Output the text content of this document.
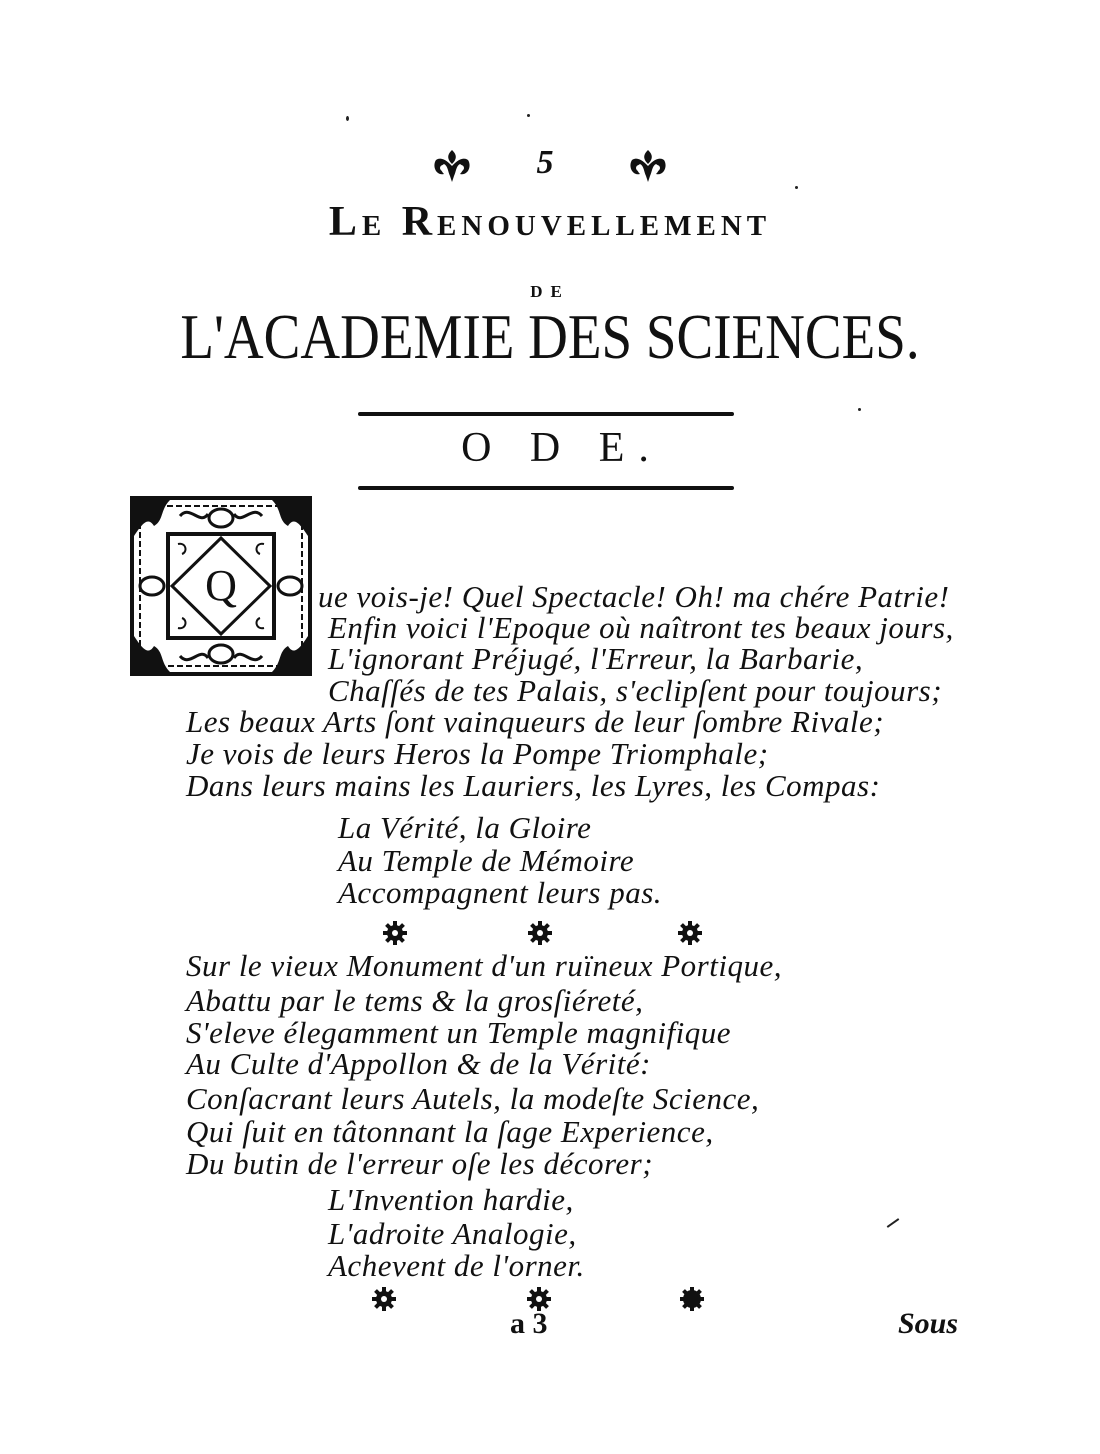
5
Le Renouvellement
DE
L'ACADEMIE DES SCIENCES.
O D E.
Q	ue vois-je! Quel Spectacle! Oh! ma chére Patrie!
Enfin voici l'Epoque où naîtront tes beaux jours,
L'ignorant Préjugé, l'Erreur, la Barbarie,
Chaſſés de tes Palais, s'eclipſent pour toujours;
Les beaux Arts ſont vainqueurs de leur ſombre Rivale;
Je vois de leurs Heros la Pompe Triomphale;
Dans leurs mains les Lauriers, les Lyres, les Compas:
La Vérité, la Gloire
Au Temple de Mémoire
Accompagnent leurs pas.
Sur le vieux Monument d'un ruïneux Portique,
Abattu par le tems & la grosſiéreté,
S'eleve élegamment un Temple magnifique
Au Culte d'Appollon & de la Vérité:
Conſacrant leurs Autels, la modeſte Science,
Qui ſuit en tâtonnant la ſage Experience,
Du butin de l'erreur oſe les décorer;
L'Invention hardie,
L'adroite Analogie,
Achevent de l'orner.
a 3	Sous
